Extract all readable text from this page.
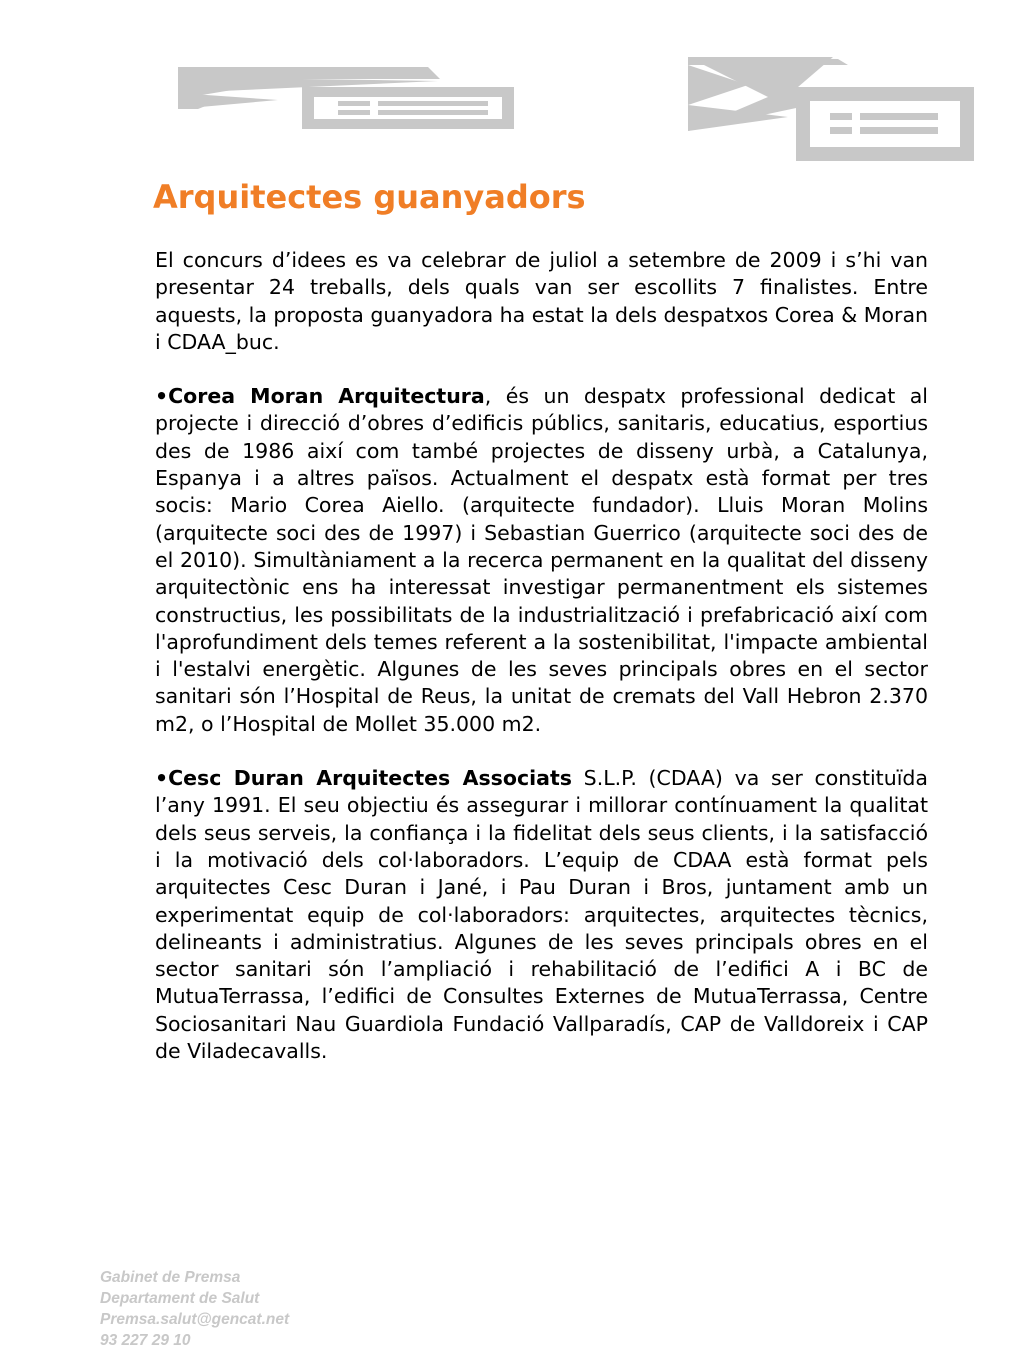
Arquitectes guanyadors

El concurs d’idees es va celebrar de juliol a setembre de 2009 i s’hi van presentar 24 treballs, dels quals van ser escollits 7 finalistes. Entre aquests, la proposta guanyadora ha estat la dels despatxos Corea & Moran i CDAA_buc.

•Corea Moran Arquitectura, és un despatx professional dedicat al projecte i direcció d’obres d’edificis públics, sanitaris, educatius, esportius des de 1986 així com també projectes de disseny urbà, a Catalunya, Espanya i a altres països. Actualment el despatx està format per tres socis: Mario Corea Aiello. (arquitecte fundador). Lluis Moran Molins (arquitecte soci des de 1997) i Sebastian Guerrico (arquitecte soci des de el 2010). Simultàniament a la recerca permanent en la qualitat del disseny arquitectònic ens ha interessat investigar permanentment els sistemes constructius, les possibilitats de la industrialització i prefabricació així com l'aprofundiment dels temes referent a la sostenibilitat, l'impacte ambiental i l'estalvi energètic. Algunes de les seves principals obres en el sector sanitari són l’Hospital de Reus, la unitat de cremats del Vall Hebron 2.370 m2, o l’Hospital de Mollet 35.000 m2.

•Cesc Duran Arquitectes Associats S.L.P. (CDAA) va ser constituïda l’any 1991. El seu objectiu és assegurar i millorar contínuament la qualitat dels seus serveis, la confiança i la fidelitat dels seus clients, i la satisfacció i la motivació dels col·laboradors. L’equip de CDAA està format pels arquitectes Cesc Duran i Jané, i Pau Duran i Bros, juntament amb un experimentat equip de col·laboradors: arquitectes, arquitectes tècnics, delineants i administratius. Algunes de les seves principals obres en el sector sanitari són l’ampliació i rehabilitació de l’edifici A i BC de MutuaTerrassa, l’edifici de Consultes Externes de MutuaTerrassa, Centre Sociosanitari Nau Guardiola Fundació Vallparadís, CAP de Valldoreix i CAP de Viladecavalls.

Gabinet de Premsa
Departament de Salut
Premsa.salut@gencat.net
93 227 29 10
